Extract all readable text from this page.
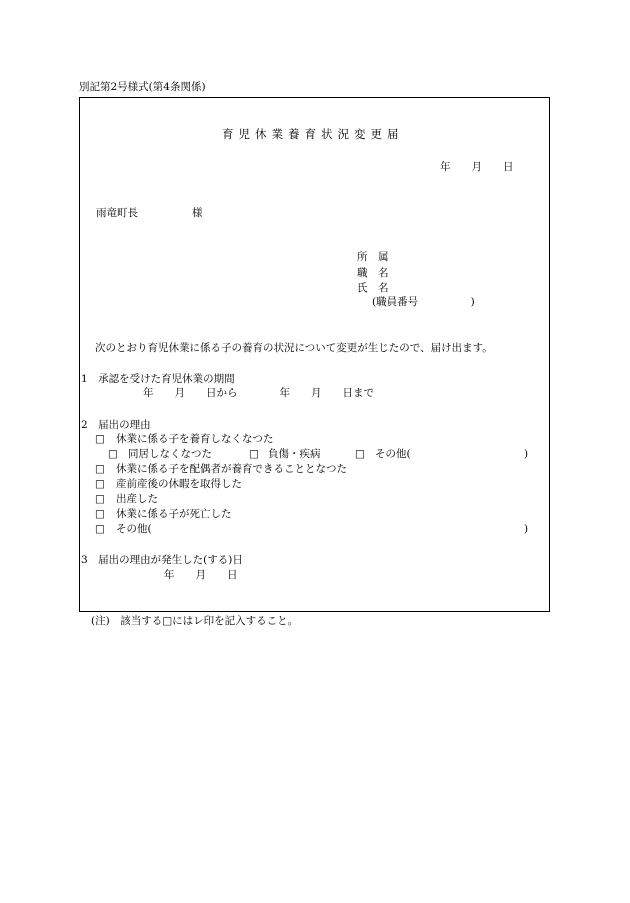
別記第2号様式(第4条関係)
育児休業養育状況変更届
年　　月　　日
雨竜町長	様
所　属
職　名
氏　名
(職員番号　　　　　)
次のとおり育児休業に係る子の養育の状況について変更が生じたので、届け出ます。
1　承認を受けた育児休業の期間
年　　月　　日から　　　　年　　月　　日まで
2　届出の理由
□ 休業に係る子を養育しなくなつた
□ 同居しなくなつた	□ 負傷・疾病	□ その他(	)
□ 休業に係る子を配偶者が養育できることとなつた
□ 産前産後の休暇を取得した
□ 出産した
□ 休業に係る子が死亡した
□ その他(	)
3　届出の理由が発生した(する)日
年　　月　　日
(注)　該当する□にはレ印を記入すること。
